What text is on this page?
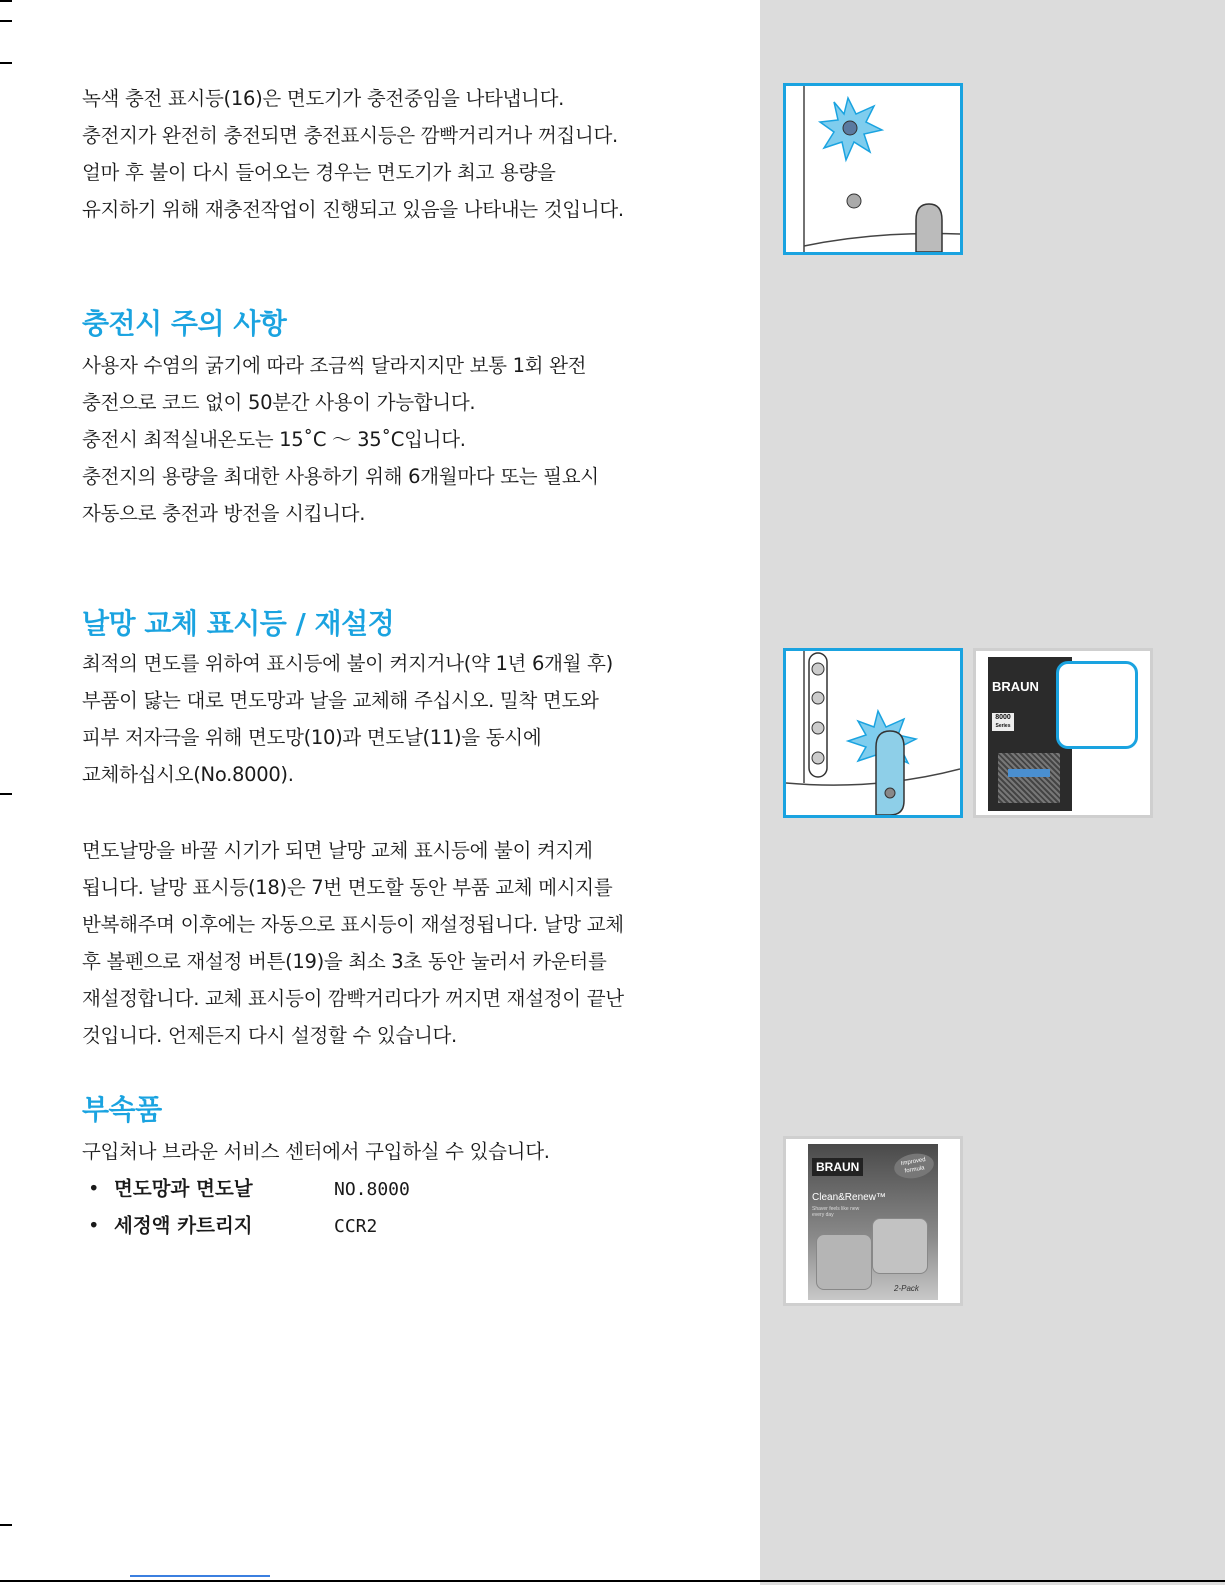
녹색 충전 표시등(16)은 면도기가 충전중임을 나타냅니다.

충전지가 완전히 충전되면 충전표시등은 깜빡거리거나 꺼집니다.

얼마 후 불이 다시 들어오는 경우는 면도기가 최고 용량을

유지하기 위해 재충전작업이 진행되고 있음을 나타내는 것입니다.

충전시 주의 사항

사용자 수염의 굵기에 따라 조금씩 달라지지만 보통 1회 완전

충전으로 코드 없이 50분간 사용이 가능합니다.

충전시 최적실내온도는 15˚C ～ 35˚C입니다.

충전지의 용량을 최대한 사용하기 위해 6개월마다 또는 필요시

자동으로 충전과 방전을 시킵니다.

날망 교체 표시등 / 재설정

최적의 면도를 위하여 표시등에 불이 켜지거나(약 1년 6개월 후)

부품이 닳는 대로 면도망과 날을 교체해 주십시오. 밀착 면도와

피부 저자극을 위해 면도망(10)과 면도날(11)을 동시에

교체하십시오(No.8000).

면도날망을 바꿀 시기가 되면 날망 교체 표시등에 불이 켜지게

됩니다. 날망 표시등(18)은 7번 면도할 동안 부품 교체 메시지를

반복해주며 이후에는 자동으로 표시등이 재설정됩니다. 날망 교체

후 볼펜으로 재설정 버튼(19)을 최소 3초 동안 눌러서 카운터를

재설정합니다. 교체 표시등이 깜빡거리다가 꺼지면 재설정이 끝난

것입니다. 언제든지 다시 설정할 수 있습니다.

부속품

구입처나 브라운 서비스 센터에서 구입하실 수 있습니다.

• 면도망과 면도날	NO.8000
• 세정액 카트리지	CCR2
BRAUN
8000
Series
BRAUN	Improved formula
Clean&Renew™
Shaver feels like new every day
2-Pack
